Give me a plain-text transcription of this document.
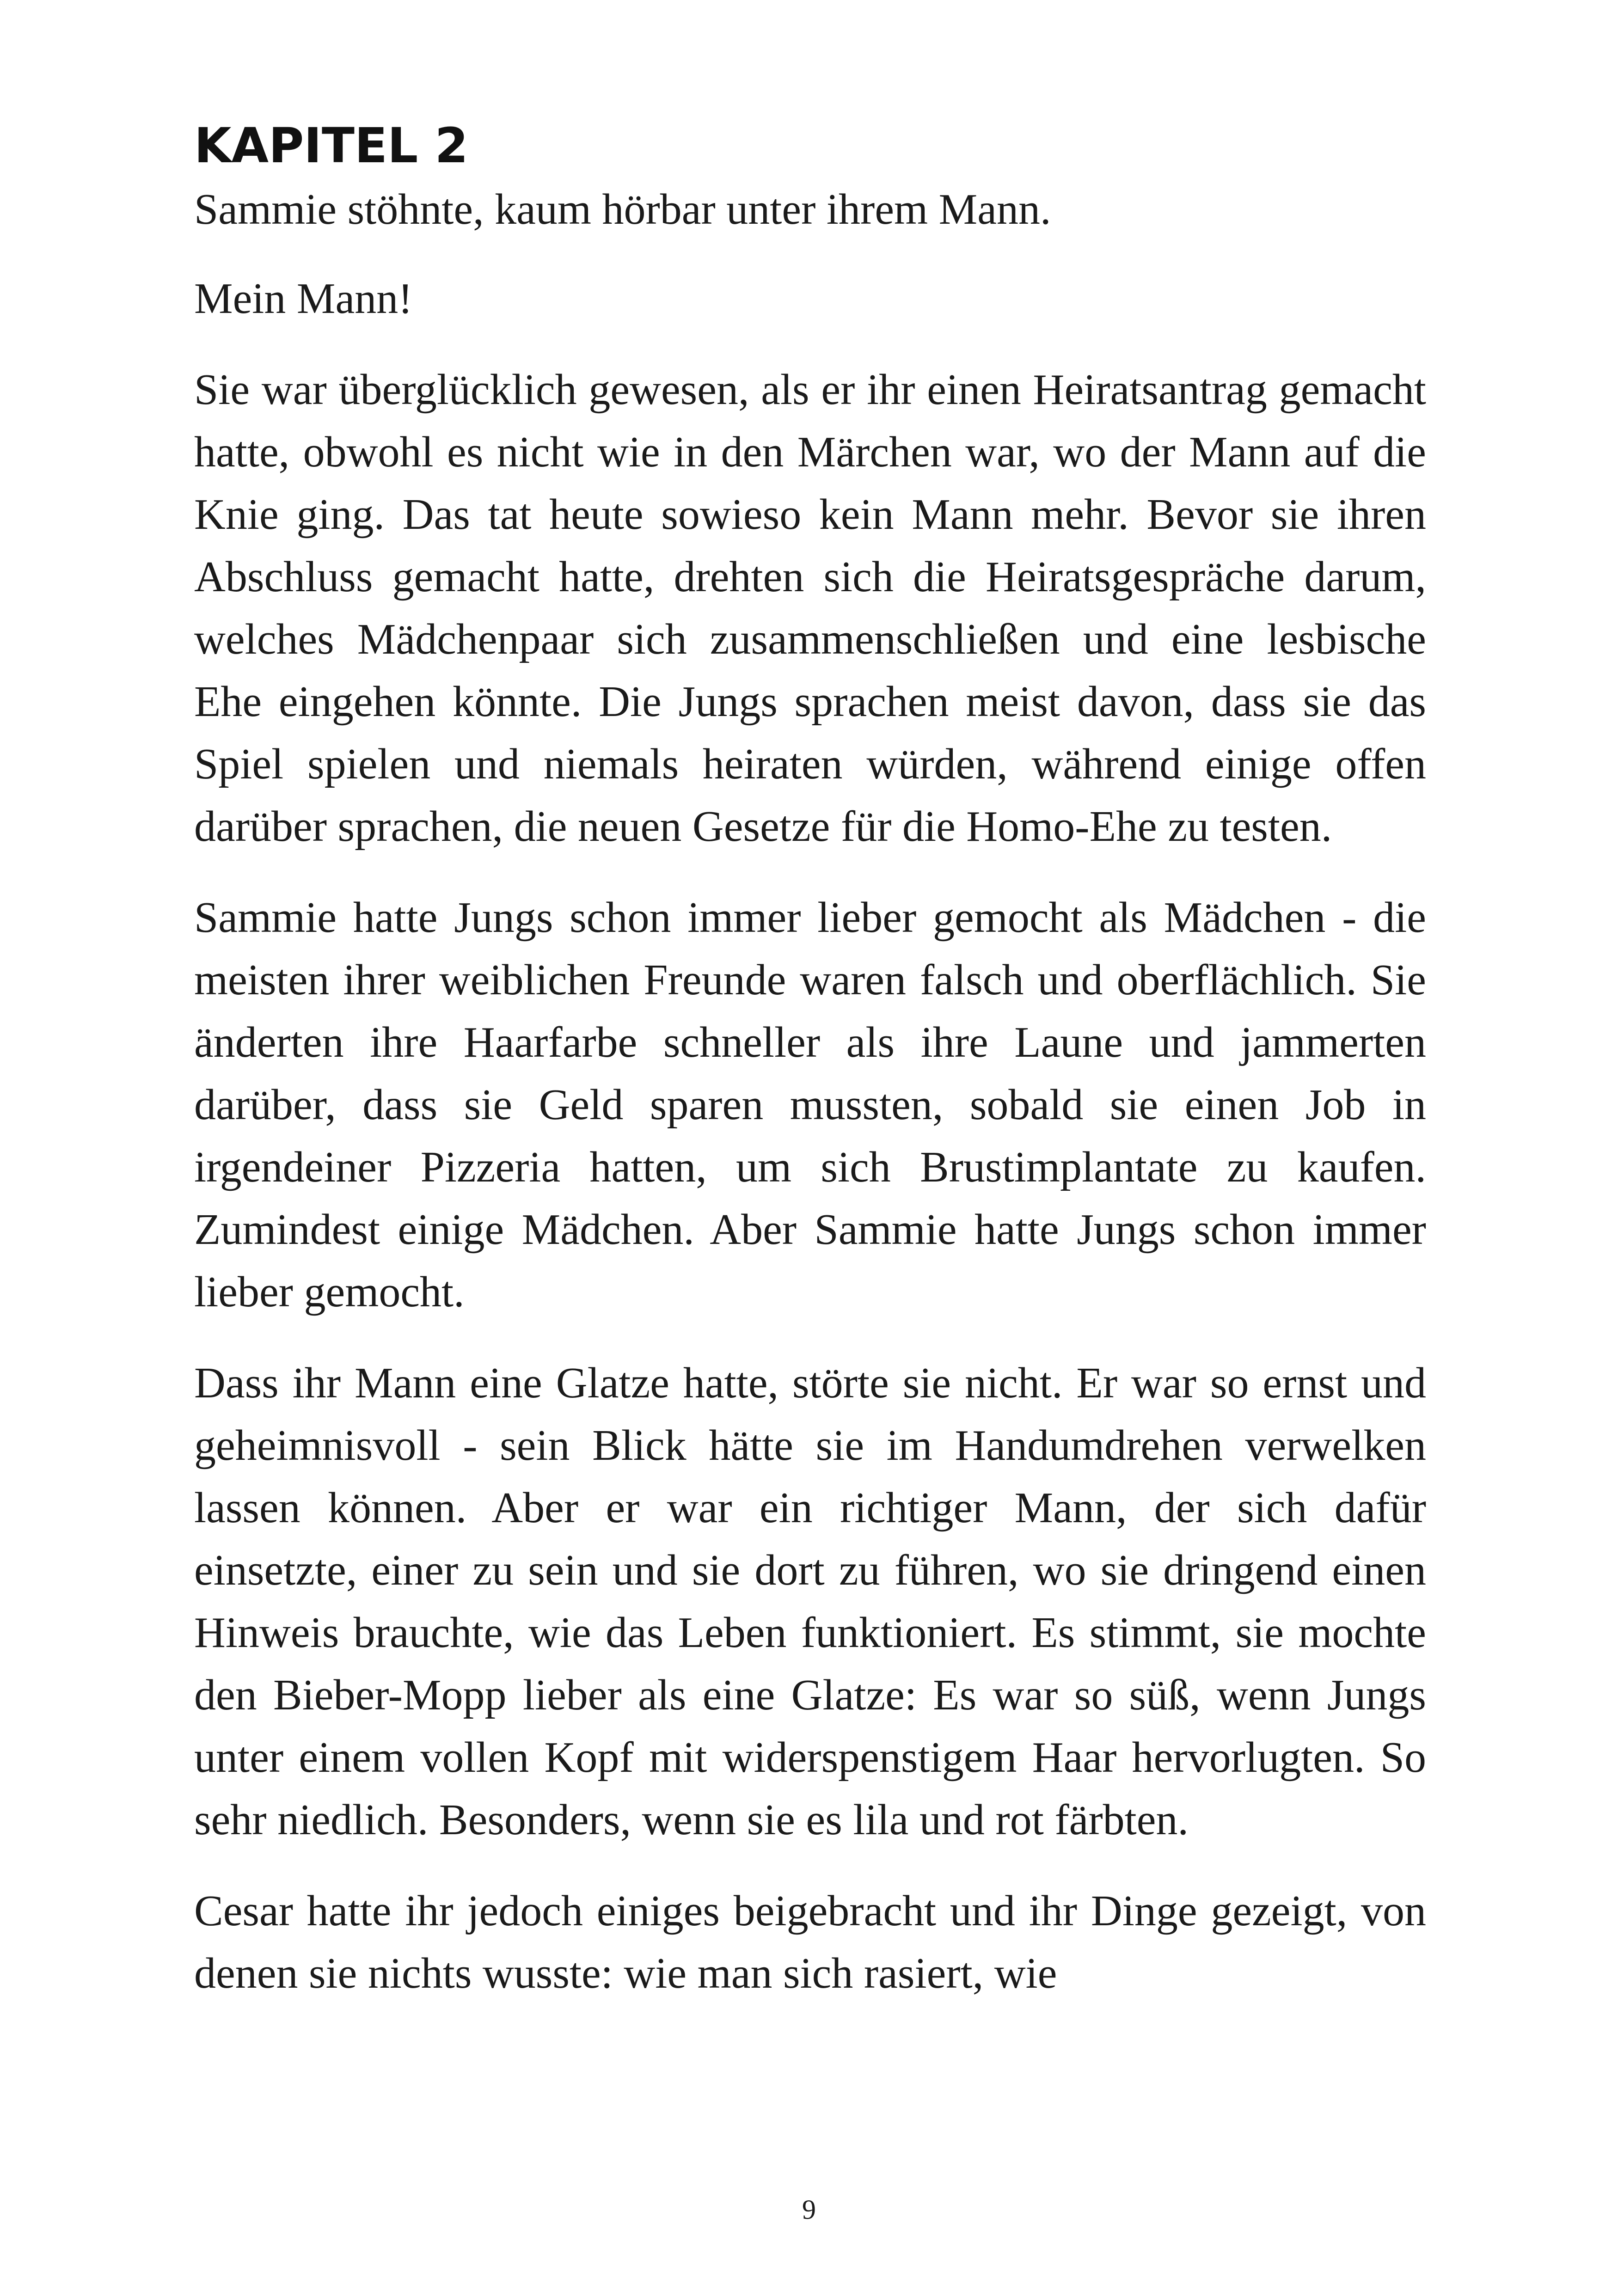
KAPITEL 2

Sammie stöhnte, kaum hörbar unter ihrem Mann.

Mein Mann!

Sie war überglücklich gewesen, als er ihr einen Heiratsantrag gemacht hatte, obwohl es nicht wie in den Märchen war, wo der Mann auf die Knie ging. Das tat heute sowieso kein Mann mehr. Bevor sie ihren Abschluss gemacht hatte, drehten sich die Heiratsgespräche darum, welches Mädchenpaar sich zusammenschließen und eine lesbische Ehe eingehen könnte. Die Jungs sprachen meist davon, dass sie das Spiel spielen und niemals heiraten würden, während einige offen darüber sprachen, die neuen Gesetze für die Homo-Ehe zu testen.

Sammie hatte Jungs schon immer lieber gemocht als Mädchen - die meisten ihrer weiblichen Freunde waren falsch und oberflächlich. Sie änderten ihre Haarfarbe schneller als ihre Laune und jammerten darüber, dass sie Geld sparen mussten, sobald sie einen Job in irgendeiner Pizzeria hatten, um sich Brustimplantate zu kaufen. Zumindest einige Mädchen. Aber Sammie hatte Jungs schon immer lieber gemocht.

Dass ihr Mann eine Glatze hatte, störte sie nicht. Er war so ernst und geheimnisvoll - sein Blick hätte sie im Handumdrehen verwelken lassen können. Aber er war ein richtiger Mann, der sich dafür einsetzte, einer zu sein und sie dort zu führen, wo sie dringend einen Hinweis brauchte, wie das Leben funktioniert. Es stimmt, sie mochte den Bieber-Mopp lieber als eine Glatze: Es war so süß, wenn Jungs unter einem vollen Kopf mit widerspenstigem Haar hervorlugten. So sehr niedlich. Besonders, wenn sie es lila und rot färbten.

Cesar hatte ihr jedoch einiges beigebracht und ihr Dinge gezeigt, von denen sie nichts wusste: wie man sich rasiert, wie

9
